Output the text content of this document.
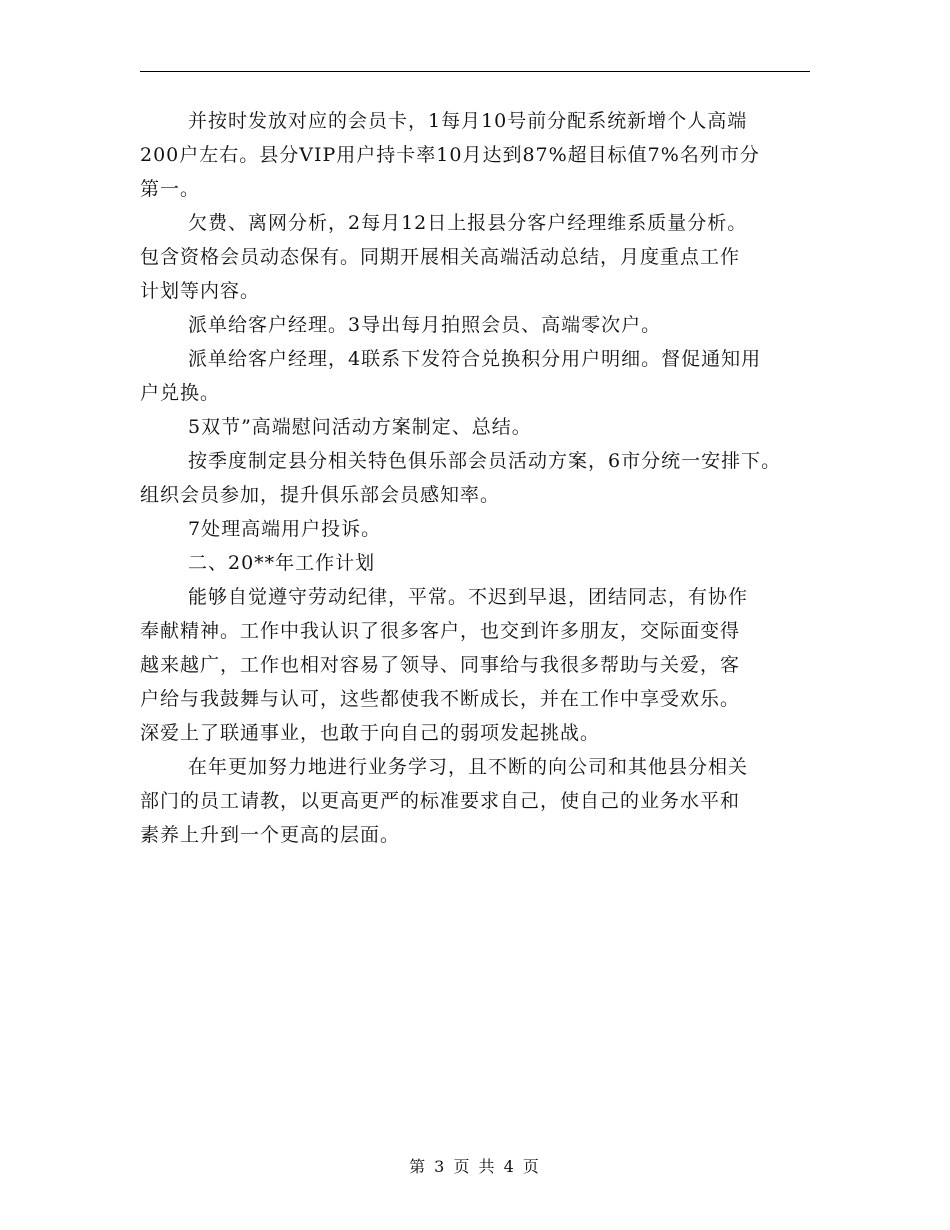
并按时发放对应的会员卡，1每月10号前分配系统新增个人高端
200户左右。县分VIP用户持卡率10月达到87%超目标值7%名列市分
第一。
欠费、离网分析，2每月12日上报县分客户经理维系质量分析。
包含资格会员动态保有。同期开展相关高端活动总结，月度重点工作
计划等内容。
派单给客户经理。3导出每月拍照会员、高端零次户。
派单给客户经理，4联系下发符合兑换积分用户明细。督促通知用
户兑换。
5双节”高端慰问活动方案制定、总结。
按季度制定县分相关特色俱乐部会员活动方案，6市分统一安排下。
组织会员参加，提升俱乐部会员感知率。
7处理高端用户投诉。
二、20**年工作计划
能够自觉遵守劳动纪律，平常。不迟到早退，团结同志，有协作
奉献精神。工作中我认识了很多客户，也交到许多朋友，交际面变得
越来越广，工作也相对容易了领导、同事给与我很多帮助与关爱，客
户给与我鼓舞与认可，这些都使我不断成长，并在工作中享受欢乐。
深爱上了联通事业，也敢于向自己的弱项发起挑战。
在年更加努力地进行业务学习，且不断的向公司和其他县分相关
部门的员工请教，以更高更严的标准要求自己，使自己的业务水平和
素养上升到一个更高的层面。
第 3 页 共 4 页
